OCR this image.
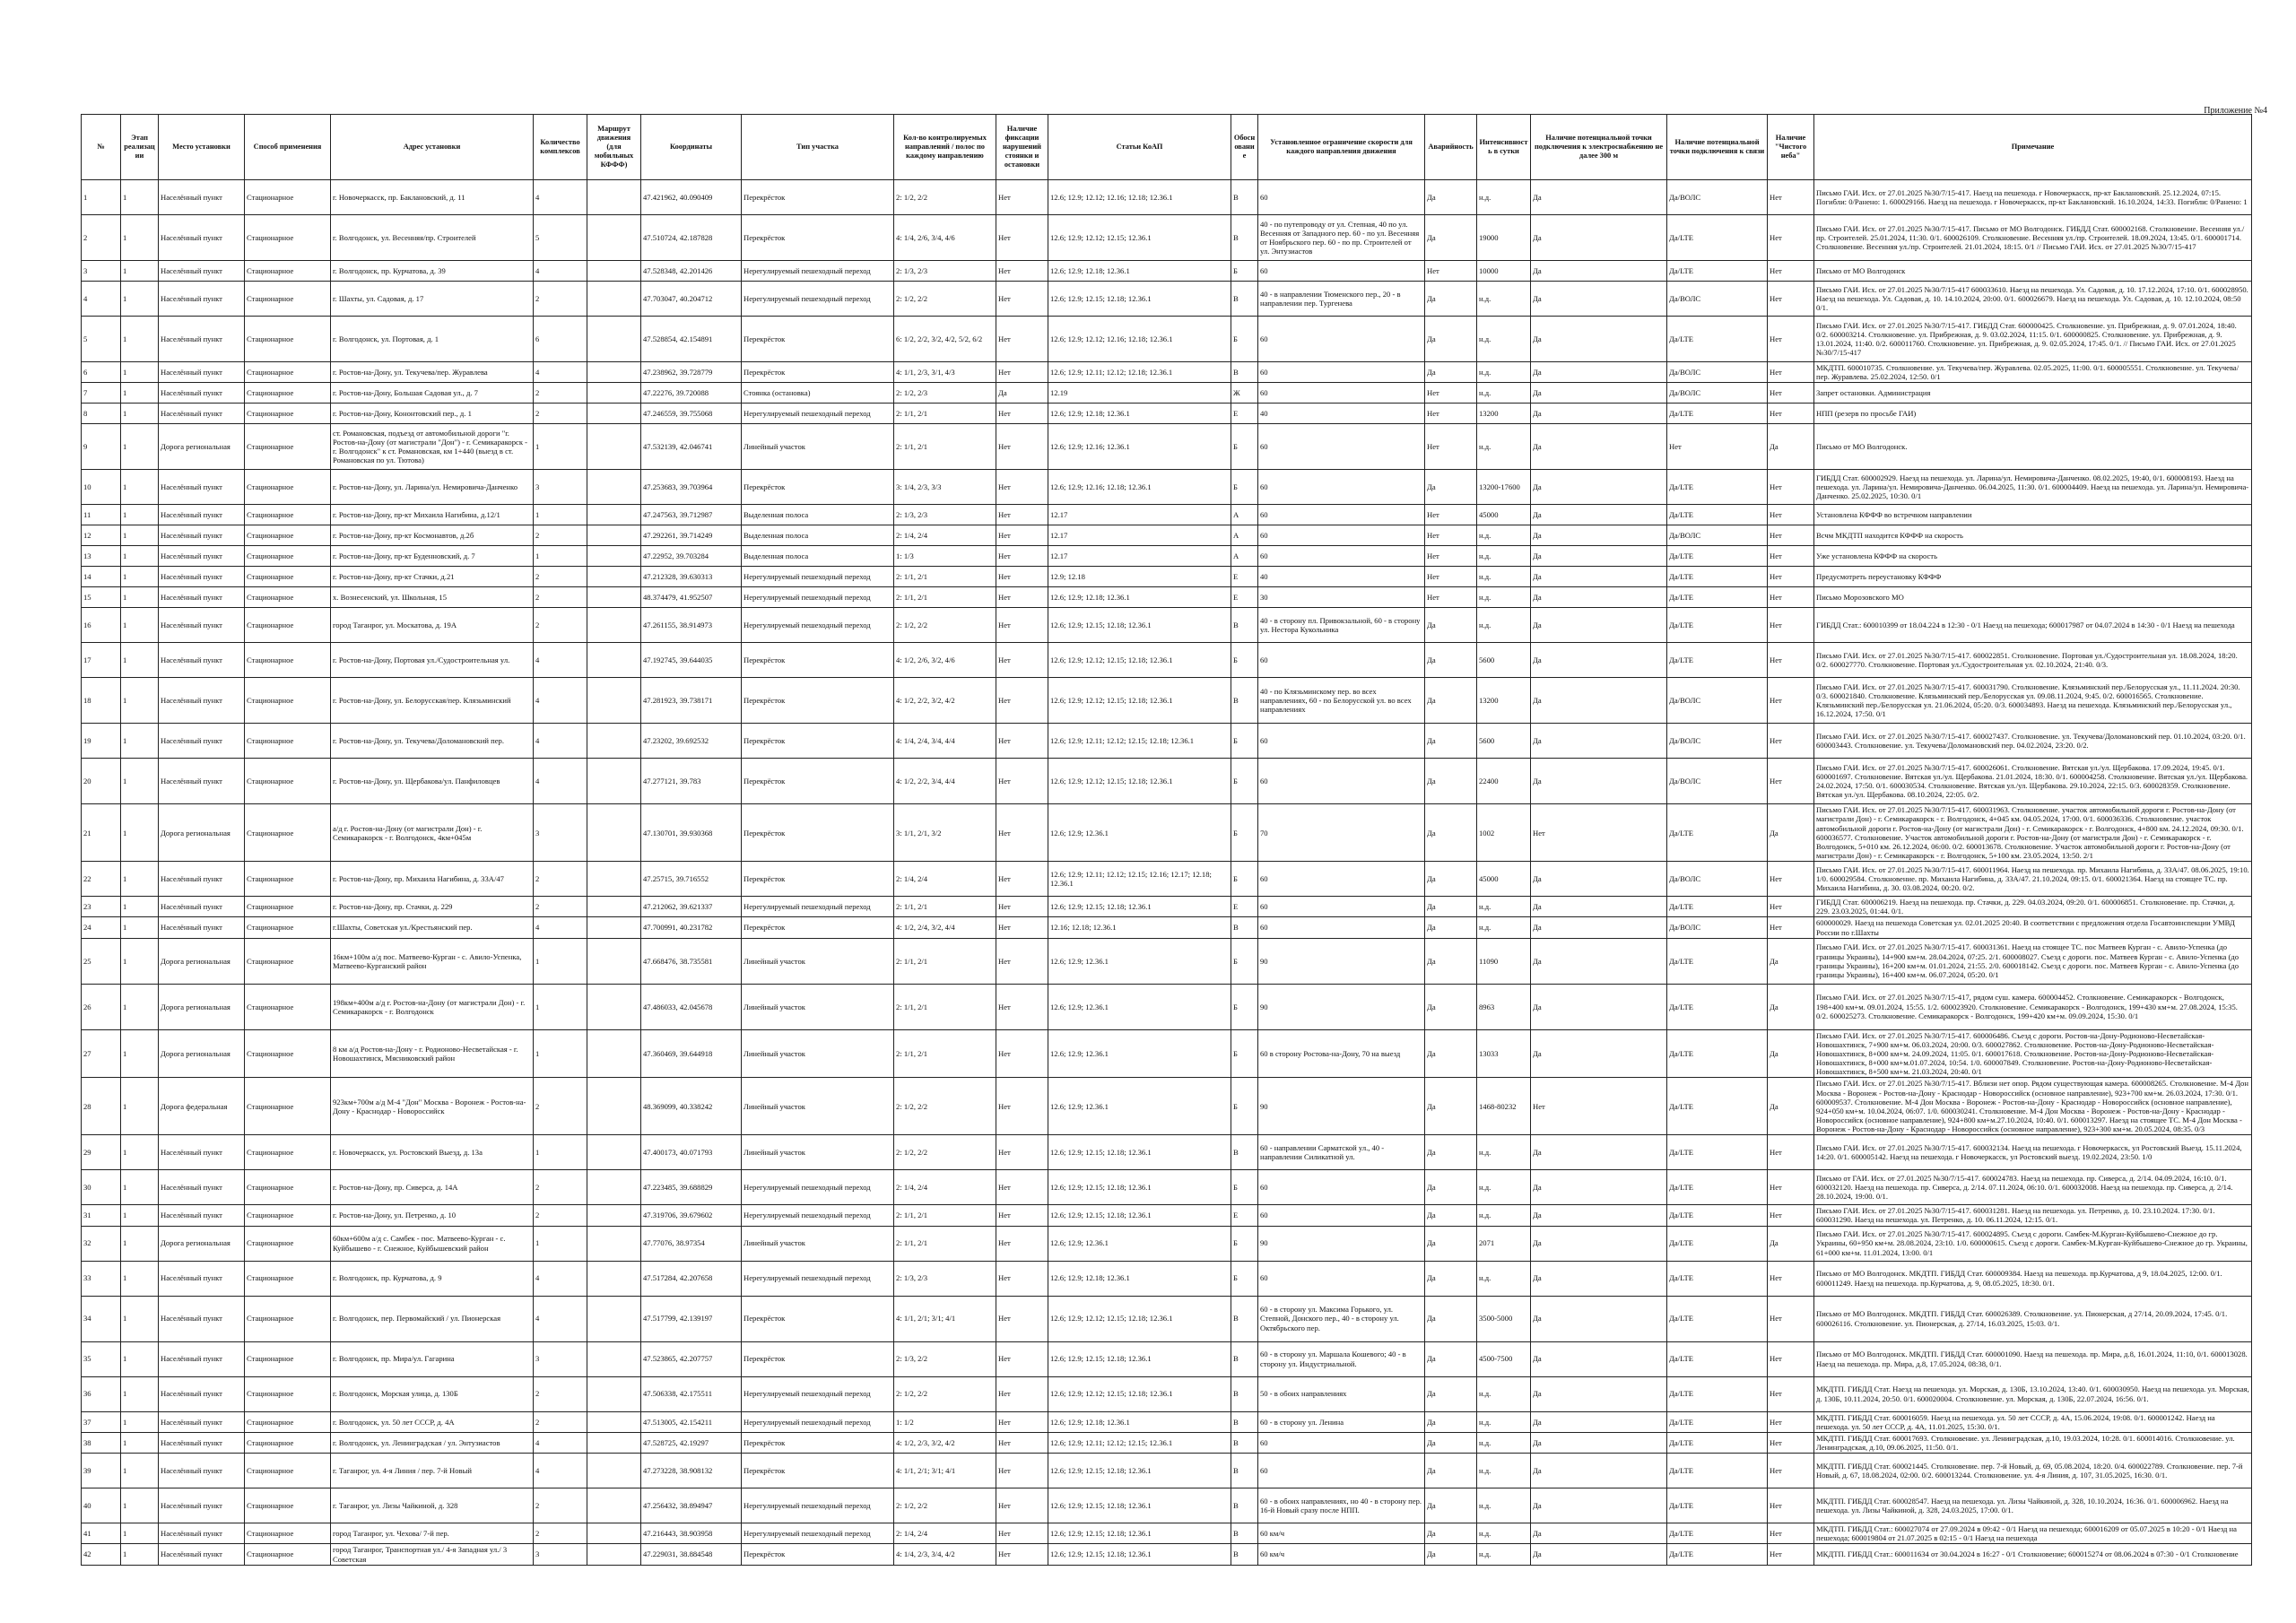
Приложение №4
№	Этап реализации	Место установки	Способ применения	Адрес установки	Количество комплексов	Маршрут движения (для мобильных КФФФ)	Координаты	Тип участка	Кол-во контролируемых направлений / полос по каждому направлению	Наличие фиксации нарушений стоянки и остановки	Статьи КоАП	Обоснование	Установленное ограничение скорости для каждого направления движения	Аварийность	Интенсивность в сутки	Наличие потенциальной точки подключения к электроснабжению не далее 300 м	Наличие потенциальной точки подключения к связи	Наличие "Чистого неба"	Примечание
1	1	Населённый пункт	Стационарное	г. Новочеркасск, пр. Баклановский, д. 11	4		47.421962, 40.090409	Перекрёсток	2: 1/2, 2/2	Нет	12.6; 12.9; 12.12; 12.16; 12.18; 12.36.1	В	60	Да	н.д.	Да	Да/ВОЛС	Нет	Письмо ГАИ. Исх. от 27.01.2025 №30/7/15-417. Наезд на пешехода. г Новочеркасск, пр-кт Баклановский. 25.12.2024, 07:15. Погибли: 0/Ранено: 1. 600029166. Наезд на пешехода. г Новочеркасск, пр-кт Баклановский. 16.10.2024, 14:33. Погибли: 0/Ранено: 1
2	1	Населённый пункт	Стационарное	г. Волгодонск, ул. Весенняя/пр. Строителей	5		47.510724, 42.187828	Перекрёсток	4: 1/4, 2/6, 3/4, 4/6	Нет	12.6; 12.9; 12.12; 12.15; 12.36.1	В	40 - по путепроводу от ул. Степная, 40 по ул. Весенняя от Западного пер. 60 - по ул. Весенняя от Ноябрьского пер. 60 - по пр. Строителей от ул. Энтузиастов	Да	19000	Да	Да/LTE	Нет	Письмо ГАИ. Исх. от 27.01.2025 №30/7/15-417. Письмо от МО Волгодонск. ГИБДД Стат. 600002168. Столкновение. Весенняя ул./пр. Строителей. 25.01.2024, 11:30. 0/1. 600026109. Столкновение. Весенняя ул./пр. Строителей. 18.09.2024, 13:45. 0/1. 600001714. Столкновение. Весенняя ул./пр. Строителей. 21.01.2024, 18:15. 0/1 // Письмо ГАИ. Исх. от 27.01.2025 №30/7/15-417
3	1	Населённый пункт	Стационарное	г. Волгодонск, пр. Курчатова, д. 39	4		47.528348, 42.201426	Нерегулируемый пешеходный переход	2: 1/3, 2/3	Нет	12.6; 12.9; 12.18; 12.36.1	Б	60	Нет	10000	Да	Да/LTE	Нет	Письмо от МО Волгодонск
4	1	Населённый пункт	Стационарное	г. Шахты, ул. Садовая, д. 17	2		47.703047, 40.204712	Нерегулируемый пешеходный переход	2: 1/2, 2/2	Нет	12.6; 12.9; 12.15; 12.18; 12.36.1	В	40 - в направлении Тюменского пер., 20 - в направлении пер. Тургенева	Да	н.д.	Да	Да/ВОЛС	Нет	Письмо ГАИ. Исх. от 27.01.2025 №30/7/15-417 600033610. Наезд на пешехода. Ул. Садовая, д. 10. 17.12.2024, 17:10. 0/1. 600028950. Наезд на пешехода. Ул. Садовая, д. 10. 14.10.2024, 20:00. 0/1. 600026679. Наезд на пешехода. Ул. Садовая, д. 10. 12.10.2024, 08:50 0/1.
5	1	Населённый пункт	Стационарное	г. Волгодонск, ул. Портовая, д. 1	6		47.528854, 42.154891	Перекрёсток	6: 1/2, 2/2, 3/2, 4/2, 5/2, 6/2	Нет	12.6; 12.9; 12.12; 12.16; 12.18; 12.36.1	Б	60	Да	н.д.	Да	Да/LTE	Нет	Письмо ГАИ. Исх. от 27.01.2025 №30/7/15-417. ГИБДД Стат. 600000425. Столкновение. ул. Прибрежная, д. 9. 07.01.2024, 18:40. 0/2. 600003214. Столкновение. ул. Прибрежная, д. 9. 03.02.2024, 11:15. 0/1. 600000825. Столкновение. ул. Прибрежная, д. 9. 13.01.2024, 11:40. 0/2. 600011760. Столкновение. ул. Прибрежная, д. 9. 02.05.2024, 17:45. 0/1. // Письмо ГАИ. Исх. от 27.01.2025 №30/7/15-417
6	1	Населённый пункт	Стационарное	г. Ростов-на-Дону, ул. Текучева/пер. Журавлева	4		47.238962, 39.728779	Перекрёсток	4: 1/1, 2/3, 3/1, 4/3	Нет	12.6; 12.9; 12.11; 12.12; 12.18; 12.36.1	В	60	Да	н.д.	Да	Да/ВОЛС	Нет	МКДТП. 600010735. Столкновение. ул. Текучева/пер. Журавлева. 02.05.2025, 11:00. 0/1. 600005551. Столкновение. ул. Текучева/пер. Журавлева. 25.02.2024, 12:50. 0/1
7	1	Населённый пункт	Стационарное	г. Ростов-на-Дону, Большая Садовая ул., д. 7	2		47.22276, 39.720088	Стоянка (остановка)	2: 1/2, 2/3	Да	12.19	Ж	60	Нет	н.д.	Да	Да/ВОЛС	Нет	Запрет остановки. Администрация
8	1	Населённый пункт	Стационарное	г. Ростов-на-Дону, Кононтовский пер., д. 1	2		47.246559, 39.755068	Нерегулируемый пешеходный переход	2: 1/1, 2/1	Нет	12.6; 12.9; 12.18; 12.36.1	Е	40	Нет	13200	Да	Да/LTE	Нет	НПП (резерв по просьбе ГАИ)
9	1	Дорога региональная	Стационарное	ст. Романовская, подъезд от автомобильной дороги "г. Ростов-на-Дону (от магистрали "Дон") - г. Семикаракорск - г. Волгодонск" к ст. Романовская, км 1+440 (выезд в ст. Романовская по ул. Тютова)	1		47.532139, 42.046741	Линейный участок	2: 1/1, 2/1	Нет	12.6; 12.9; 12.16; 12.36.1	Б	60	Нет	н.д.	Да	Нет	Да	Письмо от МО Волгодонск.
10	1	Населённый пункт	Стационарное	г. Ростов-на-Дону, ул. Ларина/ул. Немировича-Данченко	3		47.253683, 39.703964	Перекрёсток	3: 1/4, 2/3, 3/3	Нет	12.6; 12.9; 12.16; 12.18; 12.36.1	Б	60	Да	13200-17600	Да	Да/LTE	Нет	ГИБДД Стат. 600002929. Наезд на пешехода. ул. Ларина/ул. Немировича-Данченко. 08.02.2025, 19:40, 0/1. 600008193. Наезд на пешехода. ул. Ларина/ул. Немировича-Данченко. 06.04.2025, 11:30. 0/1. 600004409. Наезд на пешехода. ул. Ларина/ул. Немировича-Данченко. 25.02.2025, 10:30. 0/1
11	1	Населённый пункт	Стационарное	г. Ростов-на-Дону, пр-кт Михаила Нагибина, д.12/1	1		47.247563, 39.712987	Выделенная полоса	2: 1/3, 2/3	Нет	12.17	А	60	Нет	45000	Да	Да/LTE	Нет	Установлена КФФФ во встречном направлении
12	1	Населённый пункт	Стационарное	г. Ростов-на-Дону, пр-кт Космонавтов, д.2б	2		47.292261, 39.714249	Выделенная полоса	2: 1/4, 2/4	Нет	12.17	А	60	Нет	н.д.	Да	Да/ВОЛС	Нет	Всчм МКДТП находится КФФФ на скорость
13	1	Населённый пункт	Стационарное	г. Ростов-на-Дону, пр-кт Буденновский, д. 7	1		47.22952, 39.703284	Выделенная полоса	1: 1/3	Нет	12.17	А	60	Нет	н.д.	Да	Да/LTE	Нет	Уже установлена КФФФ на скорость
14	1	Населённый пункт	Стационарное	г. Ростов-на-Дону, пр-кт Стачки, д.21	2		47.212328, 39.630313	Нерегулируемый пешеходный переход	2: 1/1, 2/1	Нет	12.9; 12.18	Е	40	Нет	н.д.	Да	Да/LTE	Нет	Предусмотреть переустановку КФФФ
15	1	Населённый пункт	Стационарное	х. Вознесенский, ул. Школьная, 15	2		48.374479, 41.952507	Нерегулируемый пешеходный переход	2: 1/1, 2/1	Нет	12.6; 12.9; 12.18; 12.36.1	Е	30	Нет	н.д.	Да	Да/LTE	Нет	Письмо Морозовского МО
16	1	Населённый пункт	Стационарное	город Таганрог, ул. Москатова, д. 19А	2		47.261155, 38.914973	Нерегулируемый пешеходный переход	2: 1/2, 2/2	Нет	12.6; 12.9; 12.15; 12.18; 12.36.1	В	40 - в сторону пл. Привокзальной, 60 - в сторону ул. Нестора Кукольника	Да	н.д.	Да	Да/LTE	Нет	ГИБДД Стат.: 600010399 от 18.04.224 в 12:30 - 0/1 Наезд на пешехода; 600017987 от 04.07.2024 в 14:30 - 0/1 Наезд на пешехода
17	1	Населённый пункт	Стационарное	г. Ростов-на-Дону, Портовая ул./Судостроительная ул.	4		47.192745, 39.644035	Перекрёсток	4: 1/2, 2/6, 3/2, 4/6	Нет	12.6; 12.9; 12.12; 12.15; 12.18; 12.36.1	Б	60	Да	5600	Да	Да/LTE	Нет	Письмо ГАИ. Исх. от 27.01.2025 №30/7/15-417. 600022851. Столкновение. Портовая ул./Судостроительная ул. 18.08.2024, 18:20. 0/2. 600027770. Столкновение. Портовая ул./Судостроительная ул. 02.10.2024, 21:40. 0/3.
18	1	Населённый пункт	Стационарное	г. Ростов-на-Дону, ул. Белорусская/пер. Клязьминский	4		47.281923, 39.738171	Перекрёсток	4: 1/2, 2/2, 3/2, 4/2	Нет	12.6; 12.9; 12.12; 12.15; 12.18; 12.36.1	В	40 - по Клязьминскому пер. во всех направлениях, 60 - по Белорусской ул. во всех направлениях	Да	13200	Да	Да/ВОЛС	Нет	Письмо ГАИ. Исх. от 27.01.2025 №30/7/15-417. 600031790. Столкновение. Клязьминский пер./Белорусская ул., 11.11.2024. 20:30. 0/3. 600021840. Столкновение. Клязьминский пер./Белорусская ул. 09.08.11.2024, 9:45. 0/2. 600016565. Столкновение. Клязьминский пер./Белорусская ул. 21.06.2024, 05:20. 0/3. 600034893. Наезд на пешехода. Клязьминский пер./Белорусская ул., 16.12.2024, 17:50. 0/1
19	1	Населённый пункт	Стационарное	г. Ростов-на-Дону, ул. Текучева/Доломановский пер.	4		47.23202, 39.692532	Перекрёсток	4: 1/4, 2/4, 3/4, 4/4	Нет	12.6; 12.9; 12.11; 12.12; 12.15; 12.18; 12.36.1	Б	60	Да	5600	Да	Да/ВОЛС	Нет	Письмо ГАИ. Исх. от 27.01.2025 №30/7/15-417. 600027437. Столкновение. ул. Текучева/Доломановский пер. 01.10.2024, 03:20. 0/1. 600003443. Столкновение. ул. Текучева/Доломановский пер. 04.02.2024, 23:20. 0/2.
20	1	Населённый пункт	Стационарное	г. Ростов-на-Дону, ул. Щербакова/ул. Панфиловцев	4		47.277121, 39.783	Перекрёсток	4: 1/2, 2/2, 3/4, 4/4	Нет	12.6; 12.9; 12.12; 12.15; 12.18; 12.36.1	Б	60	Да	22400	Да	Да/ВОЛС	Нет	Письмо ГАИ. Исх. от 27.01.2025 №30/7/15-417. 600026061. Столкновение. Вятская ул./ул. Щербакова. 17.09.2024, 19:45. 0/1. 600001697. Столкновение. Вятская ул./ул. Щербакова. 21.01.2024, 18:30. 0/1. 600004258. Столкновение. Вятская ул./ул. Щербакова. 24.02.2024, 17:50. 0/1. 600030534. Столкновение. Вятская ул./ул. Щербакова. 29.10.2024, 22:15. 0/3. 600028359. Столкновение. Вятская ул./ул. Щербакова. 08.10.2024, 22:05. 0/2.
21	1	Дорога региональная	Стационарное	а/д г. Ростов-на-Дону (от магистрали Дон) - г. Семикаракорск - г. Волгодонск, 4км+045м	3		47.130701, 39.930368	Перекрёсток	3: 1/1, 2/1, 3/2	Нет	12.6; 12.9; 12.36.1	Б	70	Да	1002	Нет	Да/LTE	Да	Письмо ГАИ. Исх. от 27.01.2025 №30/7/15-417. 600031963. Столкновение. участок автомобильной дороги г. Ростов-на-Дону (от магистрали Дон) - г. Семикаракорск - г. Волгодонск, 4+045 км. 04.05.2024, 17:00. 0/1. 600036336. Столкновение. участок автомобильной дороги г. Ростов-на-Дону (от магистрали Дон) - г. Семикаракорск - г. Волгодонск, 4+800 км. 24.12.2024, 09:30. 0/1. 600036577. Столкновение. Участок автомобильной дороги г. Ростов-на-Дону (от магистрали Дон) - г. Семикаракорск - г. Волгодонск, 5+010 км. 26.12.2024, 06:00. 0/2. 600013678. Столкновение. Участок автомобильной дороги г. Ростов-на-Дону (от магистрали Дон) - г. Семикаракорск - г. Волгодонск, 5+100 км. 23.05.2024, 13:50. 2/1
22	1	Населённый пункт	Стационарное	г. Ростов-на-Дону, пр. Михаила Нагибина, д. 33А/47	2		47.25715, 39.716552	Перекрёсток	2: 1/4, 2/4	Нет	12.6; 12.9; 12.11; 12.12; 12.15; 12.16; 12.17; 12.18; 12.36.1	Б	60	Да	45000	Да	Да/ВОЛС	Нет	Письмо ГАИ. Исх. от 27.01.2025 №30/7/15-417. 600011964. Наезд на пешехода. пр. Михаила Нагибина, д. 33А/47. 08.06.2025, 19:10. 1/0. 600029584. Столкновение. пр. Михаила Нагибина, д. 33А/47. 21.10.2024, 09:15. 0/1. 600021364. Наезд на стоящее ТС. пр. Михаила Нагибина, д. 30. 03.08.2024, 00:20. 0/2.
23	1	Населённый пункт	Стационарное	г. Ростов-на-Дону, пр. Стачки, д. 229	2		47.212062, 39.621337	Нерегулируемый пешеходный переход	2: 1/1, 2/1	Нет	12.6; 12.9; 12.15; 12.18; 12.36.1	Е	60	Да	н.д.	Да	Да/LTE	Нет	ГИБДД Стат. 600006219. Наезд на пешехода. пр. Стачки, д. 229. 04.03.2024, 09:20. 0/1. 600006851. Столкновение. пр. Стачки, д. 229. 23.03.2025, 01:44. 0/1.
24	1	Населённый пункт	Стационарное	г.Шахты, Советская ул./Крестьянский пер.	4		47.700991, 40.231782	Перекрёсток	4: 1/2, 2/4, 3/2, 4/4	Нет	12.16; 12.18; 12.36.1	В	60	Да	н.д.	Да	Да/ВОЛС	Нет	600000029. Наезд на пешехода Советская ул. 02.01.2025 20:40. В соответствии с предложения отдела Госавтоинспекции УМВД России по г.Шахты
25	1	Дорога региональная	Стационарное	16км+100м а/д пос. Матвеево-Курган - с. Авило-Успенка, Матвеево-Курганский район	1		47.668476, 38.735581	Линейный участок	2: 1/1, 2/1	Нет	12.6; 12.9; 12.36.1	Б	90	Да	11090	Да	Да/LTE	Да	Письмо ГАИ. Исх. от 27.01.2025 №30/7/15-417. 600031361. Наезд на стоящее ТС. пос Матвеев Курган - с. Авило-Успенка (до границы Украины), 14+900 км+м. 28.04.2024, 07:25. 2/1. 600008027. Съезд с дороги. пос. Матвеев Курган - с. Авило-Успенка (до границы Украины), 16+200 км+м. 01.01.2024, 21:55. 2/0. 600018142. Съезд с дороги. пос. Матвеев Курган - с. Авило-Успенка (до границы Украины), 16+400 км+м. 06.07.2024, 05:20. 0/1
26	1	Дорога региональная	Стационарное	198км+400м а/д г. Ростов-на-Дону (от магистрали Дон) - г. Семикаракорск - г. Волгодонск	1		47.486033, 42.045678	Линейный участок	2: 1/1, 2/1	Нет	12.6; 12.9; 12.36.1	Б	90	Да	8963	Да	Да/LTE	Да	Письмо ГАИ. Исх. от 27.01.2025 №30/7/15-417, рядом суш. камера. 600004452. Столкновение. Семикаракорск - Волгодонск, 198+400 км+м. 09.01.2024, 15:55. 1/2. 600023920. Столкновение. Семикаракорск - Волгодонск, 199+430 км+м. 27.08.2024, 15:35. 0/2. 600025273. Столкновение. Семикаракорск - Волгодонск, 199+420 км+м. 09.09.2024, 15:30. 0/1
27	1	Дорога региональная	Стационарное	8 км а/д Ростов-на-Дону - г. Родионово-Несветайская - г. Новошахтинск, Мясниковский район	1		47.360469, 39.644918	Линейный участок	2: 1/1, 2/1	Нет	12.6; 12.9; 12.36.1	Б	60 в сторону Ростова-на-Дону, 70 на выезд	Да	13033	Да	Да/LTE	Да	Письмо ГАИ. Исх. от 27.01.2025 №30/7/15-417. 600006486. Съезд с дороги. Ростов-на-Дону-Родионово-Несветайская-Новошахтинск, 7+900 км+м. 06.03.2024, 20:00. 0/3. 600027862. Столкновение. Ростов-на-Дону-Родионово-Несветайская-Новошахтинск, 8+000 км+м. 24.09.2024, 11:05. 0/1. 600017618. Столкновение. Ростов-на-Дону-Родионово-Несветайская-Новошахтинск, 8+000 км+м.01.07.2024, 10:54. 1/0. 600007849. Столкновение. Ростов-на-Дону-Родионово-Несветайская-Новошахтинск, 8+500 км+м. 21.03.2024, 20:40. 0/1
28	1	Дорога федеральная	Стационарное	923км+700м а/д М-4 "Дон" Москва - Воронеж - Ростов-на-Дону - Краснодар - Новороссийск	2		48.369099, 40.338242	Линейный участок	2: 1/2, 2/2	Нет	12.6; 12.9; 12.36.1	Б	90	Да	1468-80232	Нет	Да/LTE	Да	Письмо ГАИ. Исх. от 27.01.2025 №30/7/15-417. Вблизи нет опор. Рядом существующая камера. 600008265. Столкновение. М-4 Дон Москва - Воронеж - Ростов-на-Дону - Краснодар - Новороссийск (основное направление), 923+700 км+м. 26.03.2024, 17:30. 0/1. 600009537. Столкновение. М-4 Дон Москва - Воронеж - Ростов-на-Дону - Краснодар - Новороссийск (основное направление), 924+050 км+м. 10.04.2024, 06:07. 1/0. 600030241. Столкновение. М-4 Дон Москва - Воронеж - Ростов-на-Дону - Краснодар - Новороссийск (основное направление), 924+800 км+м.27.10.2024, 10:40. 0/1. 600013297. Наезд на стоящее ТС. М-4 Дон Москва - Воронеж - Ростов-на-Дону - Краснодар - Новороссийск (основное направление), 923+300 км+м. 20.05.2024, 08:35. 0/3
29	1	Населённый пункт	Стационарное	г. Новочеркасск, ул. Ростовский Выезд, д. 13а	1		47.400173, 40.071793	Линейный участок	2: 1/2, 2/2	Нет	12.6; 12.9; 12.15; 12.18; 12.36.1	В	60 - направлении Сарматской ул., 40 - направлении Силикатной ул.	Да	н.д.	Да	Да/LTE	Нет	Письмо ГАИ. Исх. от 27.01.2025 №30/7/15-417. 600032134. Наезд на пешехода. г Новочеркасск, ул Ростовский Выезд. 15.11.2024, 14:20. 0/1. 600005142. Наезд на пешехода. г Новочеркасск, ул Ростовский выезд. 19.02.2024, 23:50. 1/0
30	1	Населённый пункт	Стационарное	г. Ростов-на-Дону, пр. Сиверса, д. 14А	2		47.223485, 39.688829	Нерегулируемый пешеходный переход	2: 1/4, 2/4	Нет	12.6; 12.9; 12.15; 12.18; 12.36.1	Б	60	Да	н.д.	Да	Да/LTE	Нет	Письмо от ГАИ. Исх. от 27.01.2025 №30/7/15-417. 600024783. Наезд на пешехода. пр. Сиверса, д. 2/14. 04.09.2024, 16:10. 0/1. 600032120. Наезд на пешехода. пр. Сиверса, д. 2/14. 07.11.2024, 06:10. 0/1. 600032008. Наезд на пешехода. пр. Сиверса, д. 2/14. 28.10.2024, 19:00. 0/1.
31	1	Населённый пункт	Стационарное	г. Ростов-на-Дону, ул. Петренко, д. 10	2		47.319706, 39.679602	Нерегулируемый пешеходный переход	2: 1/1, 2/1	Нет	12.6; 12.9; 12.15; 12.18; 12.36.1	Е	60	Да	н.д.	Да	Да/LTE	Нет	Письмо ГАИ. Исх. от 27.01.2025 №30/7/15-417. 600031281. Наезд на пешехода. ул. Петренко, д. 10. 23.10.2024. 17:30. 0/1. 600031290. Наезд на пешехода. ул. Петренко, д. 10. 06.11.2024, 12:15. 0/1.
32	1	Дорога региональная	Стационарное	60км+600м а/д с. Самбек - пос. Матвеево-Курган - с. Куйбышево - г. Снежное, Куйбышевский район	1		47.77076, 38.97354	Линейный участок	2: 1/1, 2/1	Нет	12.6; 12.9; 12.36.1	Б	90	Да	2071	Да	Да/LTE	Да	Письмо ГАИ. Исх. от 27.01.2025 №30/7/15-417. 600024895. Съезд с дороги. Самбек-М.Курган-Куйбышево-Снежное до гр. Украины, 60+950 км+м. 28.08.2024, 23:10. 1/0. 600000615. Съезд с дороги. Самбек-М.Курган-Куйбышево-Снежное до гр. Украины, 61+000 км+м. 11.01.2024, 13:00. 0/1
33	1	Населённый пункт	Стационарное	г. Волгодонск, пр. Курчатова, д. 9	4		47.517284, 42.207658	Нерегулируемый пешеходный переход	2: 1/3, 2/3	Нет	12.6; 12.9; 12.18; 12.36.1	Б	60	Да	н.д.	Да	Да/LTE	Нет	Письмо от МО Волгодонск. МКДТП. ГИБДД Стат. 600009384. Наезд на пешехода. пр.Курчатова, д 9, 18.04.2025, 12:00. 0/1. 600011249. Наезд на пешехода. пр.Курчатова, д. 9, 08.05.2025, 18:30. 0/1.
34	1	Населённый пункт	Стационарное	г. Волгодонск, пер. Первомайский / ул. Пионерская	4		47.517799, 42.139197	Перекрёсток	4: 1/1, 2/1; 3/1; 4/1	Нет	12.6; 12.9; 12.12; 12.15; 12.18; 12.36.1	В	60 - в сторону ул. Максима Горького, ул. Степной, Донского пер., 40 - в сторону ул. Октябрьского пер.	Да	3500-5000	Да	Да/LTE	Нет	Письмо от МО Волгодонск. МКДТП. ГИБДД Стат. 600026389. Столкновение. ул. Пионерская, д 27/14, 20.09.2024, 17:45. 0/1. 600026116. Столкновение. ул. Пионерская, д. 27/14, 16.03.2025, 15:03. 0/1.
35	1	Населённый пункт	Стационарное	г. Волгодонск, пр. Мира/ул. Гагарина	3		47.523865, 42.207757	Перекрёсток	2: 1/3, 2/2	Нет	12.6; 12.9; 12.15; 12.18; 12.36.1	В	60 - в сторону ул. Маршала Кошевого; 40 - в сторону ул. Индустриальной.	Да	4500-7500	Да	Да/LTE	Нет	Письмо от МО Волгодонск. МКДТП. ГИБДД Стат. 600001090. Наезд на пешехода. пр. Мира, д.8, 16.01.2024, 11:10, 0/1. 600013028. Наезд на пешехода. пр. Мира, д.8, 17.05.2024, 08:38, 0/1.
36	1	Населённый пункт	Стационарное	г. Волгодонск, Морская улица, д. 130Б	2		47.506338, 42.175511	Нерегулируемый пешеходный переход	2: 1/2, 2/2	Нет	12.6; 12.9; 12.12; 12.15; 12.18; 12.36.1	В	50 - в обоих направлениях	Да	н.д.	Да	Да/LTE	Нет	МКДТП. ГИБДД Стат. Наезд на пешехода. ул. Морская, д. 130Б, 13.10.2024, 13:40. 0/1. 600030950. Наезд на пешехода. ул. Морская, д. 130Б, 10.11.2024, 20:50. 0/1. 600020004. Столкновение. ул. Морская, д. 130Б, 22.07.2024, 16:56. 0/1.
37	1	Населённый пункт	Стационарное	г. Волгодонск, ул. 50 лет СССР, д. 4А	2		47.513005, 42.154211	Нерегулируемый пешеходный переход	1: 1/2	Нет	12.6; 12.9; 12.18; 12.36.1	В	60 - в сторону ул. Ленина	Да	н.д.	Да	Да/LTE	Нет	МКДТП. ГИБДД Стат. 600016059. Наезд на пешехода. ул. 50 лет СССР, д. 4А, 15.06.2024, 19:08. 0/1. 600001242. Наезд на пешехода. ул. 50 лет СССР, д. 4А, 11.01.2025, 15:30. 0/1.
38	1	Населённый пункт	Стационарное	г. Волгодонск, ул. Ленинградская / ул. Энтузиастов	4		47.528725, 42.19297	Перекрёсток	4: 1/2, 2/3, 3/2, 4/2	Нет	12.6; 12.9; 12.11; 12.12; 12.15; 12.36.1	В	60	Да	н.д.	Да	Да/LTE	Нет	МКДТП. ГИБДД Стат. 600017693. Столкновение. ул. Ленинградская, д.10, 19.03.2024, 10:28. 0/1. 600014016. Столкновение. ул. Ленинградская, д.10, 09.06.2025, 11:50. 0/1.
39	1	Населённый пункт	Стационарное	г. Таганрог, ул. 4-я Линия / пер. 7-й Новый	4		47.273228, 38.908132	Перекрёсток	4: 1/1, 2/1; 3/1; 4/1	Нет	12.6; 12.9; 12.15; 12.18; 12.36.1	В	60	Да	н.д.	Да	Да/LTE	Нет	МКДТП. ГИБДД Стат. 600021445. Столкновение. пер. 7-й Новый, д. 69, 05.08.2024, 18:20. 0/4. 600022789. Столкновение. пер. 7-й Новый, д. 67, 18.08.2024, 02:00. 0/2. 600013244. Столкновение. ул. 4-я Линия, д. 107, 31.05.2025, 16:30. 0/1.
40	1	Населённый пункт	Стационарное	г. Таганрог, ул. Лизы Чайкиной, д. 328	2		47.256432, 38.894947	Нерегулируемый пешеходный переход	2: 1/2, 2/2	Нет	12.6; 12.9; 12.15; 12.18; 12.36.1	В	60 - в обоих направлениях, но 40 - в сторону пер. 16-й Новый сразу после НПП.	Да	н.д.	Да	Да/LTE	Нет	МКДТП. ГИБДД Стат. 600028547. Наезд на пешехода. ул. Лизы Чайкиной, д. 328, 10.10.2024, 16:36. 0/1. 600006962. Наезд на пешехода. ул. Лизы Чайкиной, д. 328, 24.03.2025, 17:00. 0/1.
41	1	Населённый пункт	Стационарное	город Таганрог, ул. Чехова/ 7-й пер.	2		47.216443, 38.903958	Нерегулируемый пешеходный переход	2: 1/4, 2/4	Нет	12.6; 12.9; 12.15; 12.18; 12.36.1	В	60 км/ч	Да	н.д.	Да	Да/LTE	Нет	МКДТП. ГИБДД Стат.: 600027074 от 27.09.2024 в 09:42 - 0/1 Наезд на пешехода; 600016209 от 05.07.2025 в 10:20 - 0/1 Наезд на пешехода; 600019804 от 21.07.2025 в 02:15 - 0/1 Наезд на пешехода
42	1	Населённый пункт	Стационарное	город Таганрог, Транспортная ул./ 4-я Западная ул./ 3 Советская	3		47.229031, 38.884548	Перекрёсток	4: 1/4, 2/3, 3/4, 4/2	Нет	12.6; 12.9; 12.15; 12.18; 12.36.1	В	60 км/ч	Да	н.д.	Да	Да/LTE	Нет	МКДТП. ГИБДД Стат.: 600011634 от 30.04.2024 в 16:27 - 0/1 Столкновение; 600015274 от 08.06.2024 в 07:30 - 0/1 Столкновение
